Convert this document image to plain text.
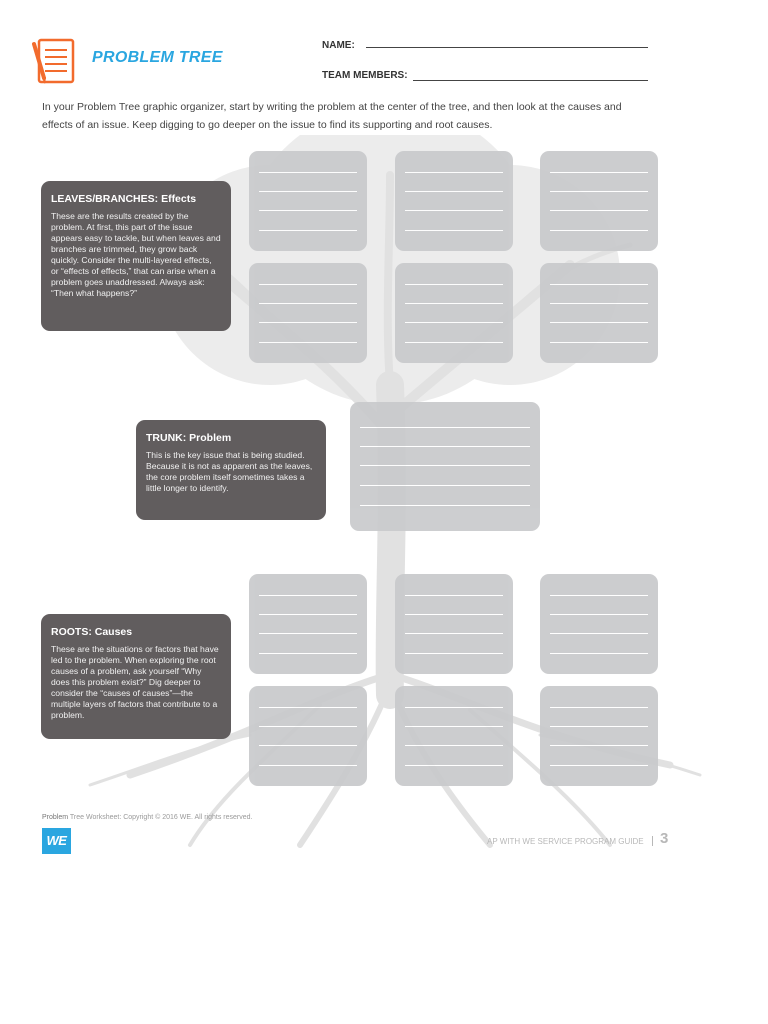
PROBLEM TREE
NAME:
TEAM MEMBERS:
In your Problem Tree graphic organizer, start by writing the problem at the center of the tree, and then look at the causes and effects of an issue. Keep digging to go deeper on the issue to find its supporting and root causes.
LEAVES/BRANCHES: Effects

These are the results created by the problem. At first, this part of the issue appears easy to tackle, but when leaves and branches are trimmed, they grow back quickly. Consider the multi-layered effects, or “effects of effects,” that can arise when a problem goes unaddressed. Always ask: “Then what happens?”

TRUNK: Problem

This is the key issue that is being studied. Because it is not as apparent as the leaves, the core problem itself sometimes takes a little longer to identify.

ROOTS: Causes

These are the situations or factors that have led to the problem. When exploring the root causes of a problem, ask yourself “Why does this problem exist?” Dig deeper to consider the “causes of causes”—the multiple layers of factors that contribute to a problem.

Problem Tree Worksheet: Copyright © 2016 WE. All rights reserved.
WE	AP WITH WE SERVICE PROGRAM GUIDE 3
